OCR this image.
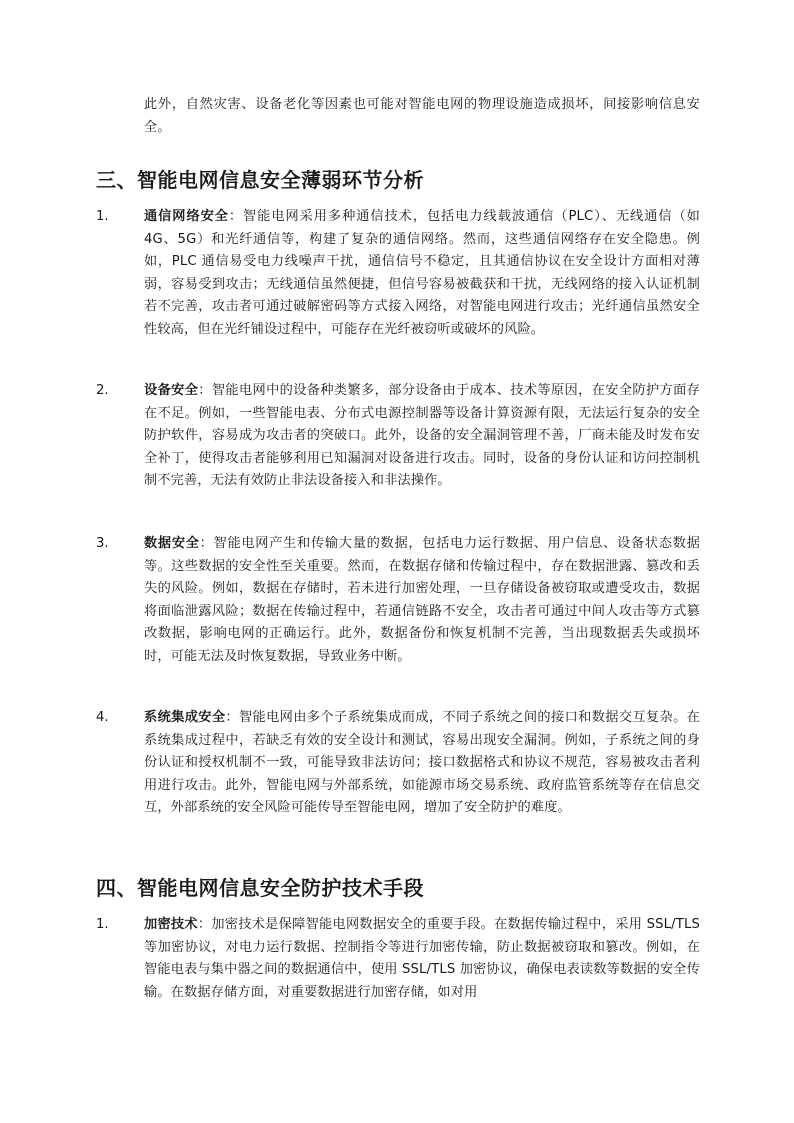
此外，自然灾害、设备老化等因素也可能对智能电网的物理设施造成损坏，间接影响信息安全。

三、智能电网信息安全薄弱环节分析
1.	通信网络安全：智能电网采用多种通信技术，包括电力线载波通信（PLC）、无线通信（如 4G、5G）和光纤通信等，构建了复杂的通信网络。然而，这些通信网络存在安全隐患。例如，PLC 通信易受电力线噪声干扰，通信信号不稳定，且其通信协议在安全设计方面相对薄弱，容易受到攻击；无线通信虽然便捷，但信号容易被截获和干扰，无线网络的接入认证机制若不完善，攻击者可通过破解密码等方式接入网络，对智能电网进行攻击；光纤通信虽然安全性较高，但在光纤铺设过程中，可能存在光纤被窃听或破坏的风险。

2.	设备安全：智能电网中的设备种类繁多，部分设备由于成本、技术等原因，在安全防护方面存在不足。例如，一些智能电表、分布式电源控制器等设备计算资源有限，无法运行复杂的安全防护软件，容易成为攻击者的突破口。此外，设备的安全漏洞管理不善，厂商未能及时发布安全补丁，使得攻击者能够利用已知漏洞对设备进行攻击。同时，设备的身份认证和访问控制机制不完善，无法有效防止非法设备接入和非法操作。

3.	数据安全：智能电网产生和传输大量的数据，包括电力运行数据、用户信息、设备状态数据等。这些数据的安全性至关重要。然而，在数据存储和传输过程中，存在数据泄露、篡改和丢失的风险。例如，数据在存储时，若未进行加密处理，一旦存储设备被窃取或遭受攻击，数据将面临泄露风险；数据在传输过程中，若通信链路不安全，攻击者可通过中间人攻击等方式篡改数据，影响电网的正确运行。此外，数据备份和恢复机制不完善，当出现数据丢失或损坏时，可能无法及时恢复数据，导致业务中断。

4.	系统集成安全：智能电网由多个子系统集成而成，不同子系统之间的接口和数据交互复杂。在系统集成过程中，若缺乏有效的安全设计和测试，容易出现安全漏洞。例如，子系统之间的身份认证和授权机制不一致，可能导致非法访问；接口数据格式和协议不规范，容易被攻击者利用进行攻击。此外，智能电网与外部系统，如能源市场交易系统、政府监管系统等存在信息交互，外部系统的安全风险可能传导至智能电网，增加了安全防护的难度。

四、智能电网信息安全防护技术手段
1.	加密技术：加密技术是保障智能电网数据安全的重要手段。在数据传输过程中，采用 SSL/TLS 等加密协议，对电力运行数据、控制指令等进行加密传输，防止数据被窃取和篡改。例如，在智能电表与集中器之间的数据通信中，使用 SSL/TLS 加密协议，确保电表读数等数据的安全传输。在数据存储方面，对重要数据进行加密存储，如对用
